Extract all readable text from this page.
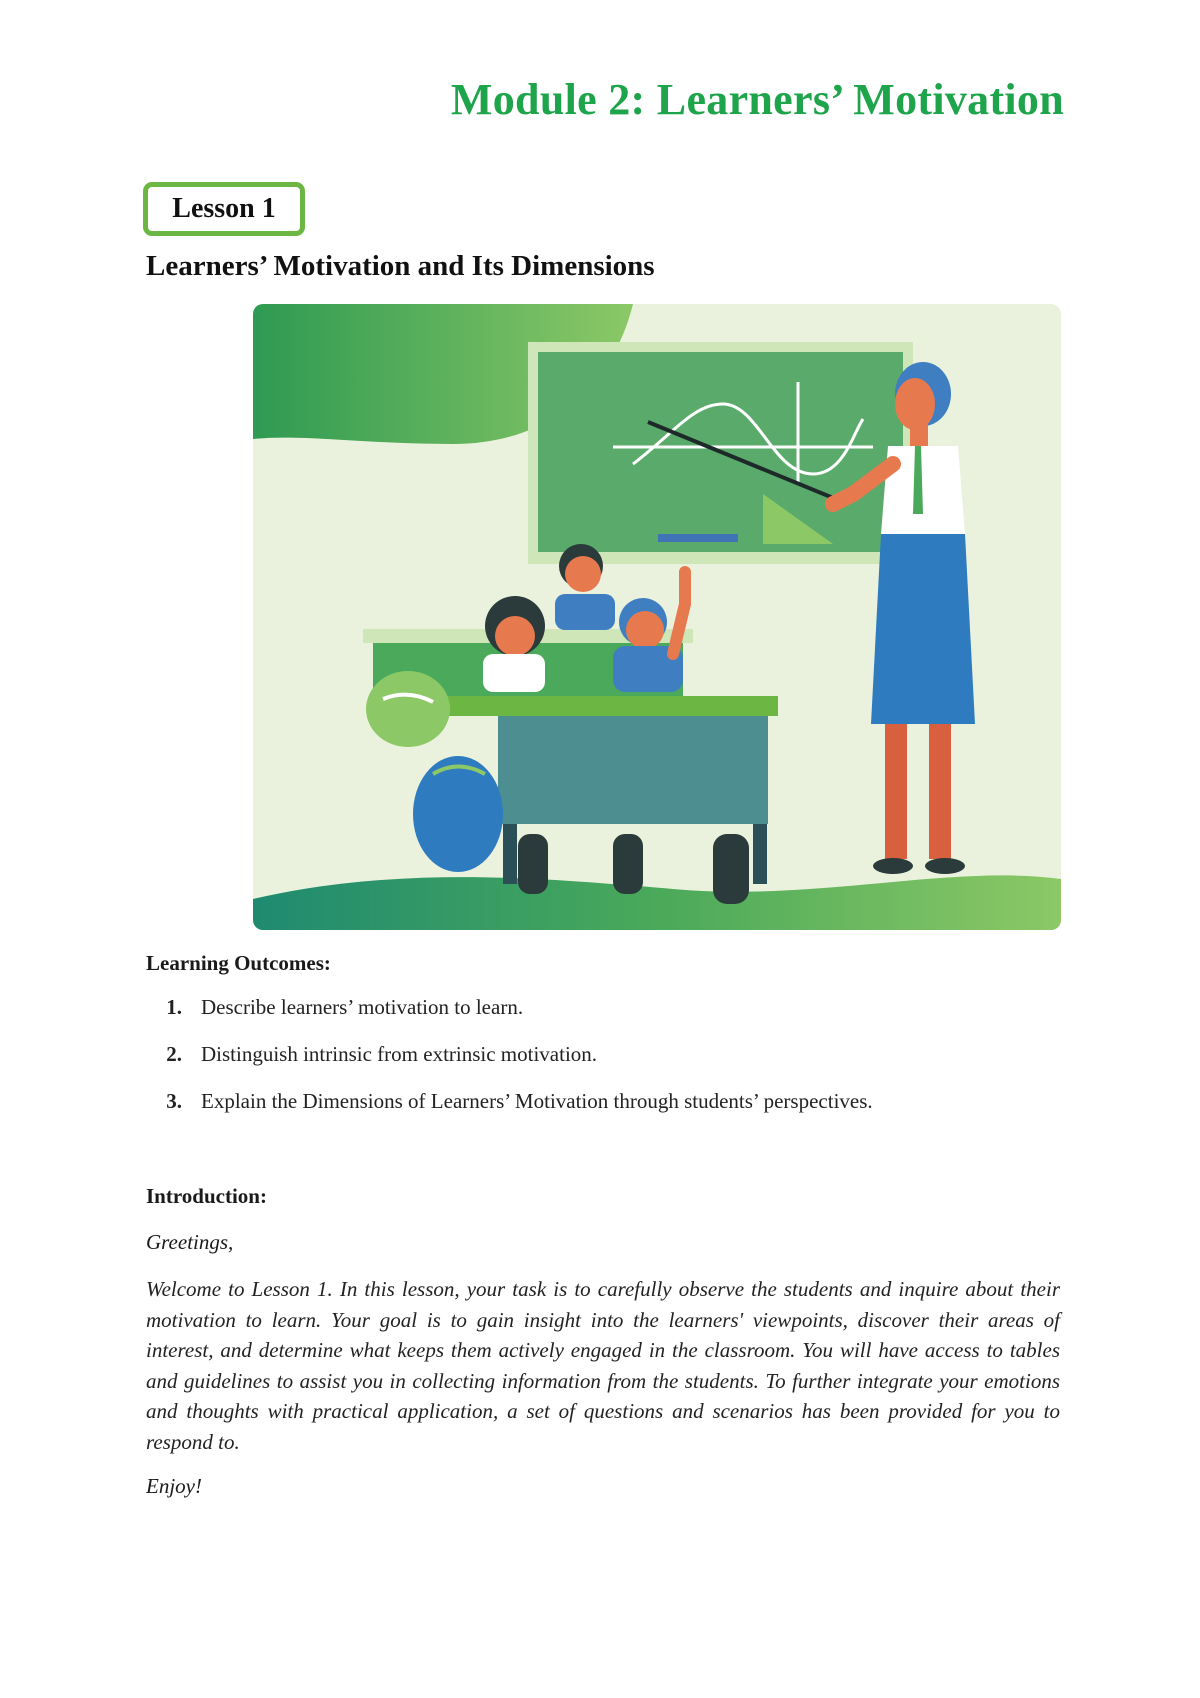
Module 2: Learners’ Motivation
Lesson 1
Learners’ Motivation and Its Dimensions
Learning Outcomes:
1. Describe learners’ motivation to learn.
2. Distinguish intrinsic from extrinsic motivation.
3. Explain the Dimensions of Learners’ Motivation through students’ perspectives.
Introduction:

Greetings,

Welcome to Lesson 1. In this lesson, your task is to carefully observe the students and inquire about their motivation to learn. Your goal is to gain insight into the learners' viewpoints, discover their areas of interest, and determine what keeps them actively engaged in the classroom. You will have access to tables and guidelines to assist you in collecting information from the students. To further integrate your emotions and thoughts with practical application, a set of questions and scenarios has been provided for you to respond to.

Enjoy!
